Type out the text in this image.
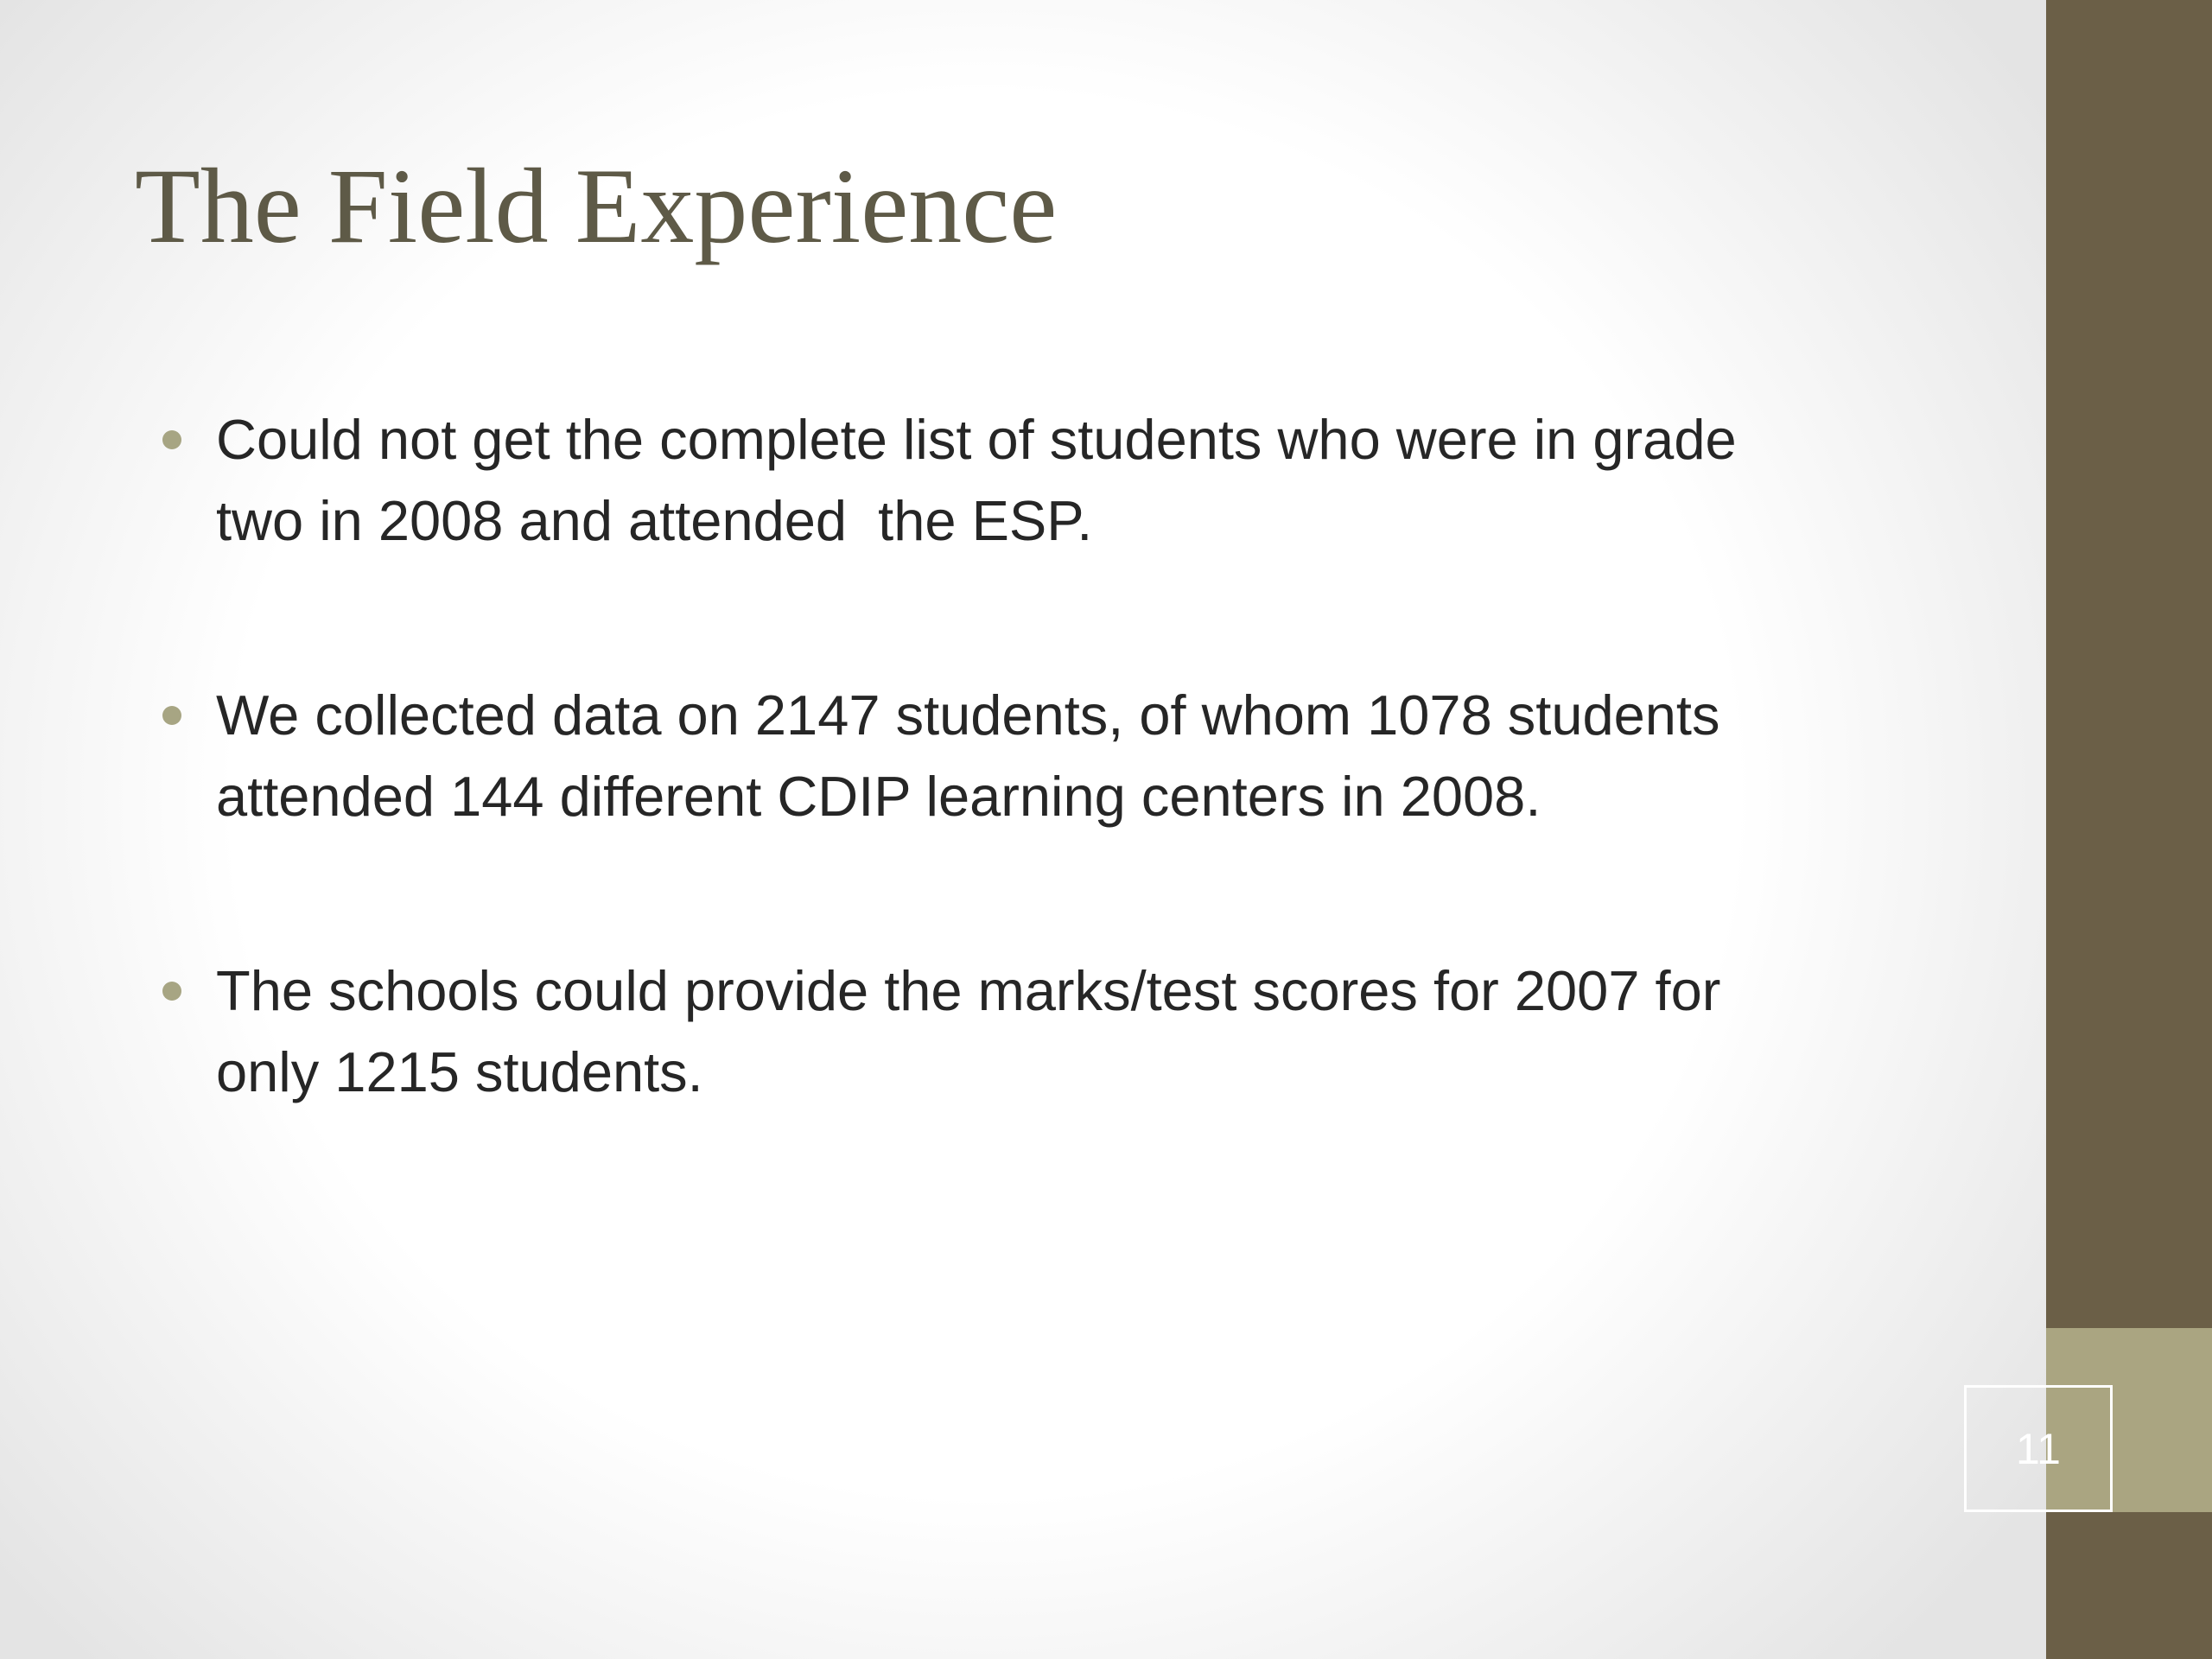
The Field Experience
Could not get the complete list of students who were in grade
two in 2008 and attended  the ESP.
We collected data on 2147 students, of whom 1078 students
attended 144 different CDIP learning centers in 2008.
The schools could provide the marks/test scores for 2007 for
only 1215 students.
11
